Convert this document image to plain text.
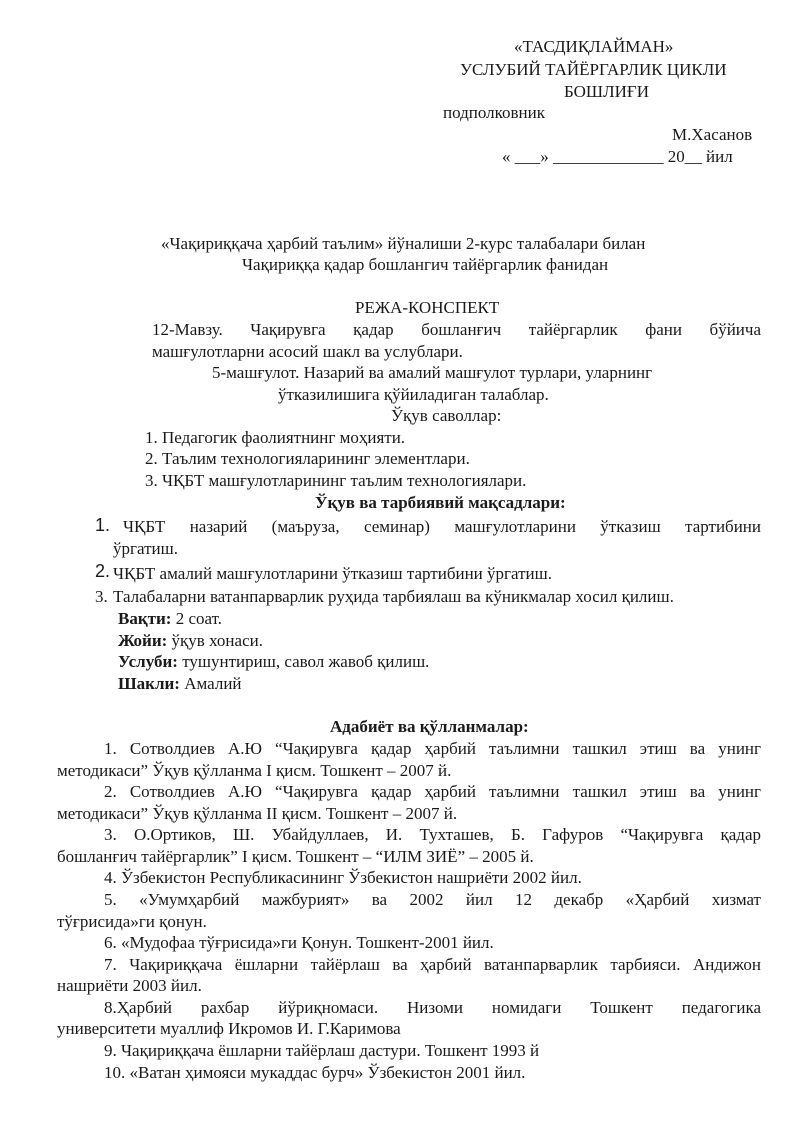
«ТАСДИҚЛАЙМАН»
УСЛУБИЙ ТАЙЁРГАРЛИК ЦИКЛИ
БОШЛИҒИ
подполковник
М.Хасанов
« ___» _____________ 20__ йил
«Чақириққача ҳарбий таълим» йўналиши 2-курс талабалари билан
Чақириққа қадар бошлангич тайёргарлик фанидан
РЕЖА-КОНСПЕКТ
12-Мавзу. Чақирувга қадар бошланғич тайёргарлик фани бўйича
машғулотларни асосий шакл ва услублари.
5-машғулот. Назарий ва амалий машғулот турлари, уларнинг
ўтказилишига қўйиладиган талаблар.
Ўқув саволлар:
1. Педагогик фаолиятнинг моҳияти.
2. Таълим технологияларининг элементлари.
3. ЧҚБТ машғулотларининг таълим технологиялари.
Ўқув ва тарбиявий мақсадлари:
1. ЧҚБТ назарий (маъруза, семинар) машғулотларини ўтказиш тартибини
ўргатиш.
2. ЧҚБТ амалий машғулотларини ўтказиш тартибини ўргатиш.
3. Талабаларни ватанпарварлик руҳида тарбиялаш ва кўникмалар хосил қилиш.
Вақти: 2 соат.
Жойи: ўқув хонаси.
Услуби: тушунтириш, савол жавоб қилиш.
Шакли: Амалий
Адабиёт ва қўлланмалар:
1. Сотволдиев А.Ю “Чақирувга қадар ҳарбий таълимни ташкил этиш ва унинг
методикаси” Ўқув қўлланма I қисм. Тошкент – 2007 й.
2. Сотволдиев А.Ю “Чақирувга қадар ҳарбий таълимни ташкил этиш ва унинг
методикаси” Ўқув қўлланма II қисм. Тошкент – 2007 й.
3. О.Ортиков, Ш. Убайдуллаев, И. Тухташев, Б. Гафуров “Чақирувга қадар
бошланғич тайёргарлик” I қисм. Тошкент – “ИЛМ ЗИЁ” – 2005 й.
4. Ўзбекистон Республикасининг Ўзбекистон нашриёти 2002 йил.
5. «Умумҳарбий мажбурият» ва 2002 йил 12 декабр «Ҳарбий хизмат
тўғрисида»ги қонун.
6. «Мудофаа тўғрисида»ги Қонун. Тошкент-2001 йил.
7. Чақириққача ёшларни тайёрлаш ва ҳарбий ватанпарварлик тарбияси. Андижон
нашриёти 2003 йил.
8.Ҳарбий рахбар йўриқномаси. Низоми номидаги Тошкент педагогика
университети муаллиф Икромов И. Г.Каримова
9. Чақириққача ёшларни тайёрлаш дастури. Тошкент 1993 й
10. «Ватан ҳимояси мукаддас бурч» Ўзбекистон 2001 йил.
